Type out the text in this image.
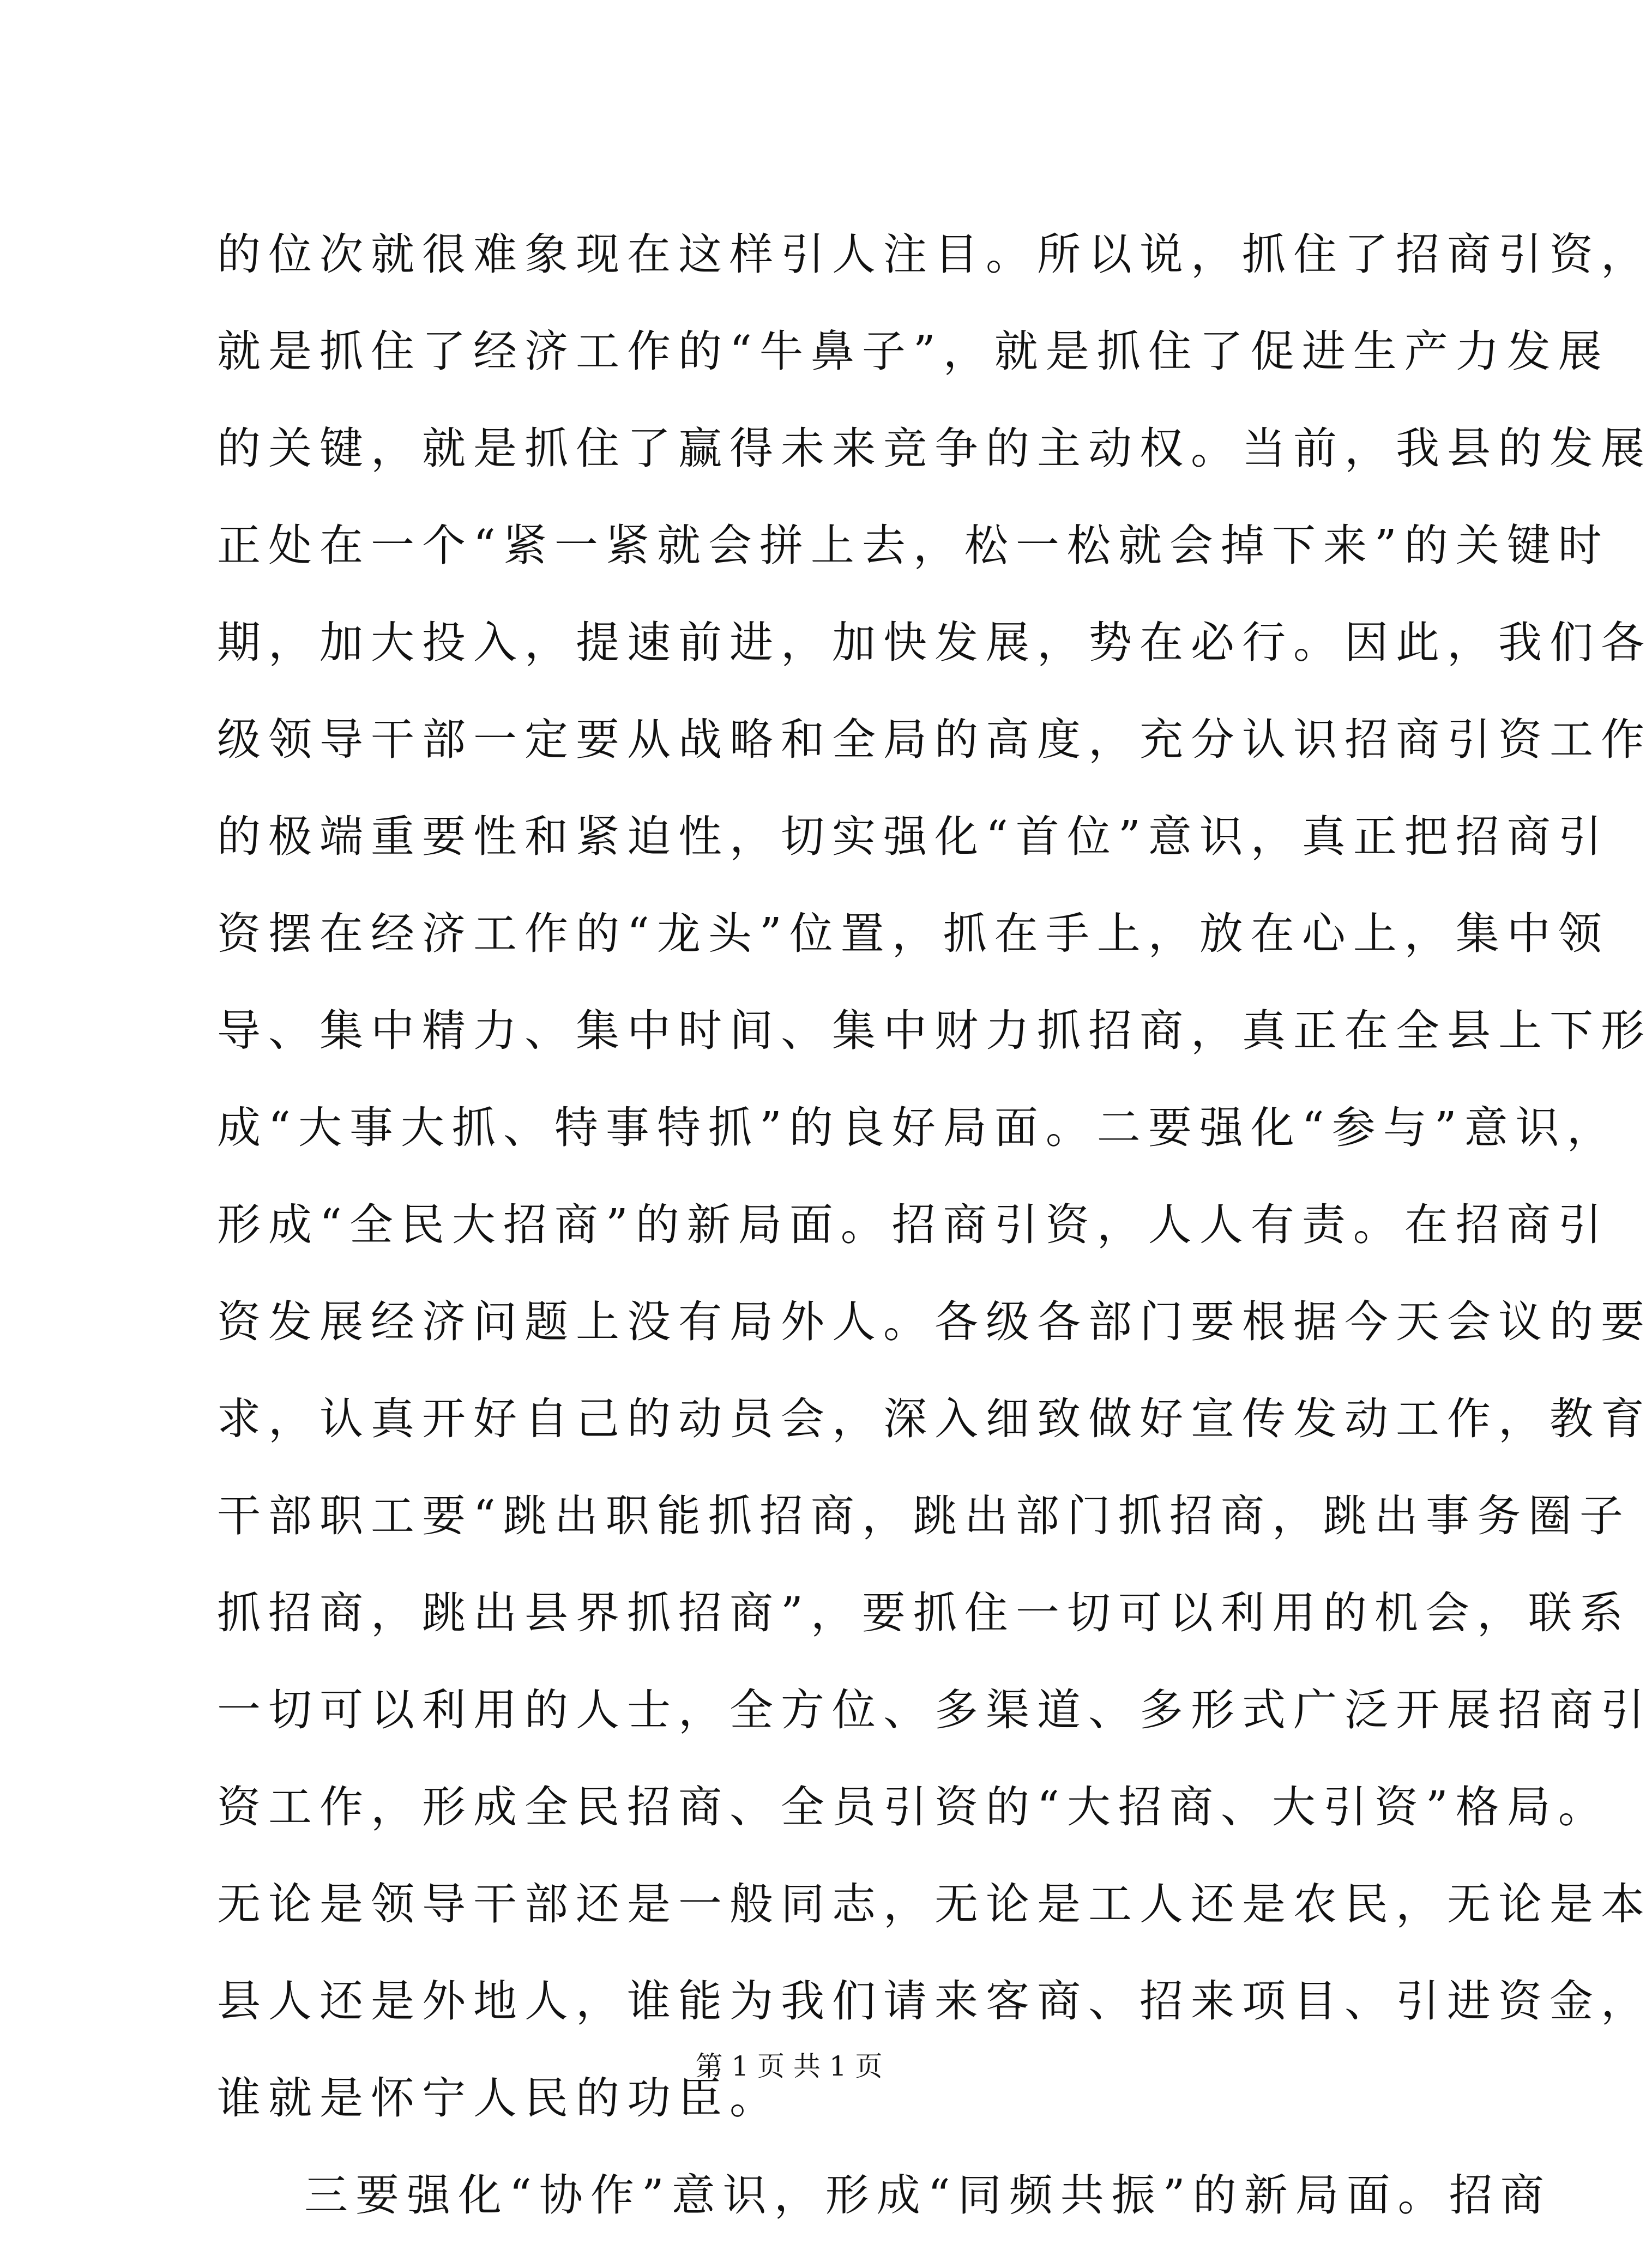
的位次就很难象现在这样引人注目。所以说，抓住了招商引资，
就是抓住了经济工作的“牛鼻子”，就是抓住了促进生产力发展
的关键，就是抓住了赢得未来竞争的主动权。当前，我县的发展
正处在一个“紧一紧就会拼上去，松一松就会掉下来”的关键时
期，加大投入，提速前进，加快发展，势在必行。因此，我们各
级领导干部一定要从战略和全局的高度，充分认识招商引资工作
的极端重要性和紧迫性，切实强化“首位”意识，真正把招商引
资摆在经济工作的“龙头”位置，抓在手上，放在心上，集中领
导、集中精力、集中时间、集中财力抓招商，真正在全县上下形
成“大事大抓、特事特抓”的良好局面。二要强化“参与”意识，
形成“全民大招商”的新局面。招商引资，人人有责。在招商引
资发展经济问题上没有局外人。各级各部门要根据今天会议的要
求，认真开好自己的动员会，深入细致做好宣传发动工作，教育
干部职工要“跳出职能抓招商，跳出部门抓招商，跳出事务圈子
抓招商，跳出县界抓招商”，要抓住一切可以利用的机会，联系
一切可以利用的人士，全方位、多渠道、多形式广泛开展招商引
资工作，形成全民招商、全员引资的“大招商、大引资”格局。
无论是领导干部还是一般同志，无论是工人还是农民，无论是本
县人还是外地人，谁能为我们请来客商、招来项目、引进资金，
谁就是怀宁人民的功臣。
三要强化“协作”意识，形成“同频共振”的新局面。招商
第 1 页 共 1 页
